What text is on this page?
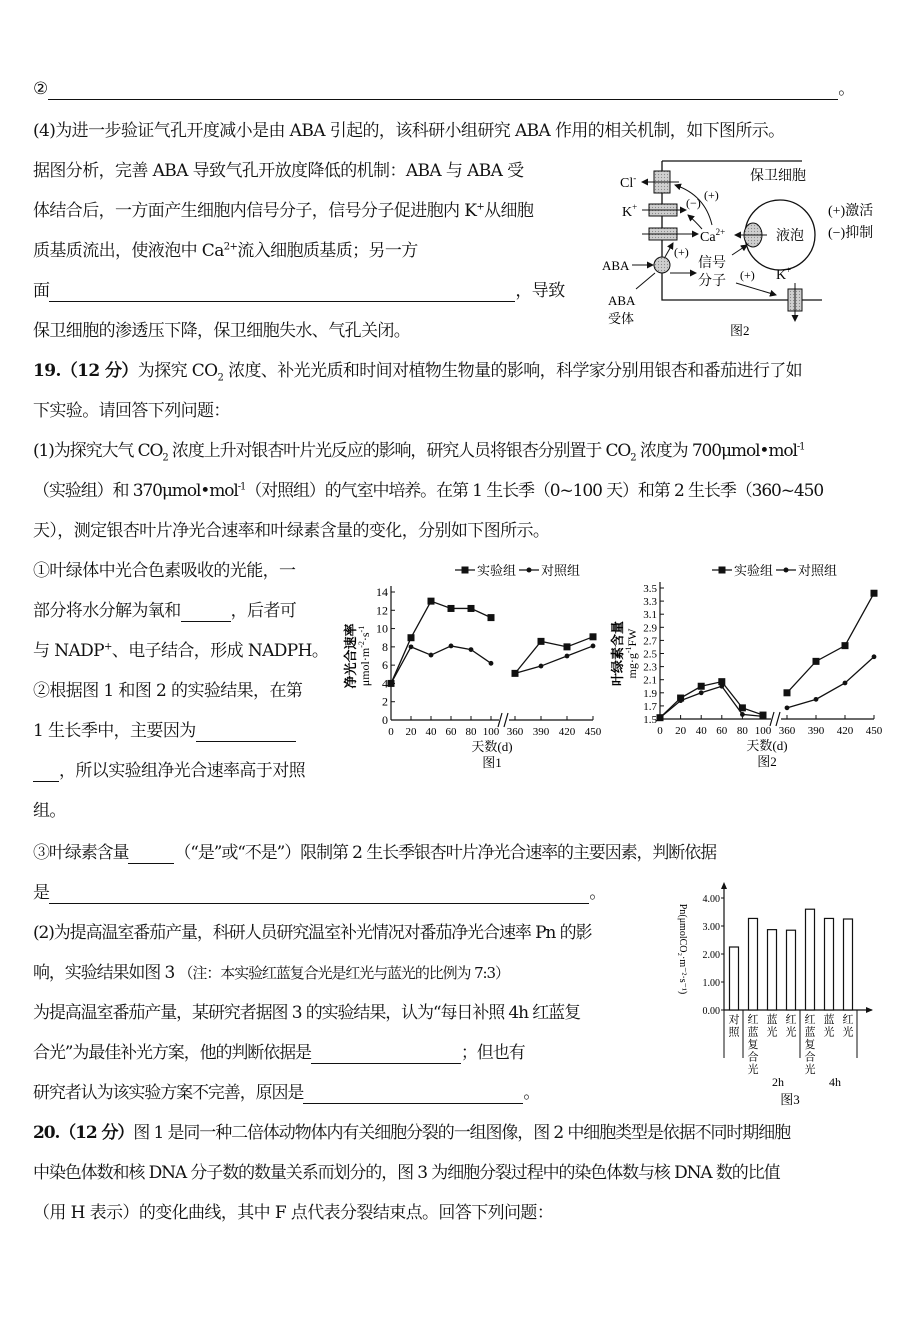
②	。
(4)为进一步验证气孔开度减小是由 ABA 引起的，该科研小组研究 ABA 作用的相关机制，如下图所示。
据图分析，完善 ABA 导致气孔开放度降低的机制：ABA 与 ABA 受
体结合后，一方面产生细胞内信号分子，信号分子促进胞内 K+从细胞
质基质流出，使液泡中 $Ca^{2+}$流入细胞质基质；另一方
面	，导致
保卫细胞的渗透压下降，保卫细胞失水、气孔关闭。
保卫细胞
Cl-
K+
$Ca^{2+}$
(+)
(−)
液泡
ABA
ABA
受体
(+)
信号
分子 (+) K+
(+)激活
(−)抑制
图2
19.（12 分）为探究 $CO_2$ 浓度、补光光质和时间对植物生物量的影响，科学家分别用银杏和番茄进行了如
下实验。请回答下列问题：
(1)为探究大气 $CO_2$ 浓度上升对银杏叶片光反应的影响，研究人员将银杏分别置于 $CO_2$ 浓度为 700μmol•mol$^{-1}$
（实验组）和 370μmol•mol$^{-1}$（对照组）的气室中培养。在第 1 生长季（0~100 天）和第 2 生长季（360~450
天），测定银杏叶片净光合速率和叶绿素含量的变化，分别如下图所示。
①叶绿体中光合色素吸收的光能，一
部分将水分解为氧和	，后者可
与 NADP+、电子结合，形成 NADPH。
②根据图 1 和图 2 的实验结果，在第
1 生长季中，主要因为
，所以实验组净光合速率高于对照
组。
0
2
4
6
8
10
12
14
0 20 40 60 80 100 360 390 420 450
天数(d)
图1
净光合速率 $\mu mol\cdot m^{-2}\cdot s^{-1}$
实验组 对照组
1.5
1.7
1.9
2.1
2.3
2.5
2.7
2.9
3.1
3.3
3.5
0 20 40 60 80 100 360 390 420 450
天数(d)
图2
叶绿素含量 $mg\cdot g^{-1}FW$
实验组 对照组
③叶绿素含量	（“是”或“不是”）限制第 2 生长季银杏叶片净光合速率的主要因素，判断依据
是	。
(2)为提高温室番茄产量，科研人员研究温室补光情况对番茄净光合速率 Pn 的影
响，实验结果如图 3 （注：本实验红蓝复合光是红光与蓝光的比例为 7:3）
为提高温室番茄产量，某研究者据图 3 的实验结果，认为“每日补照 4h 红蓝复
合光”为最佳补光方案，他的判断依据是	；但也有
研究者认为该实验方案不完善，原因是	。
0.00
1.00
2.00
3.00
4.00
Pn(μmolCO₂·m⁻²·s⁻¹)
对
照
红
蓝
复
合
光
蓝
光
红
光
红
蓝
复
合
光
蓝
光
红
光
2h	4h
图3
20.（12 分）图 1 是同一种二倍体动物体内有关细胞分裂的一组图像，图 2 中细胞类型是依据不同时期细胞
中染色体数和核 DNA 分子数的数量关系而划分的，图 3 为细胞分裂过程中的染色体数与核 DNA 数的比值
（用 H 表示）的变化曲线，其中 F 点代表分裂结束点。回答下列问题：
